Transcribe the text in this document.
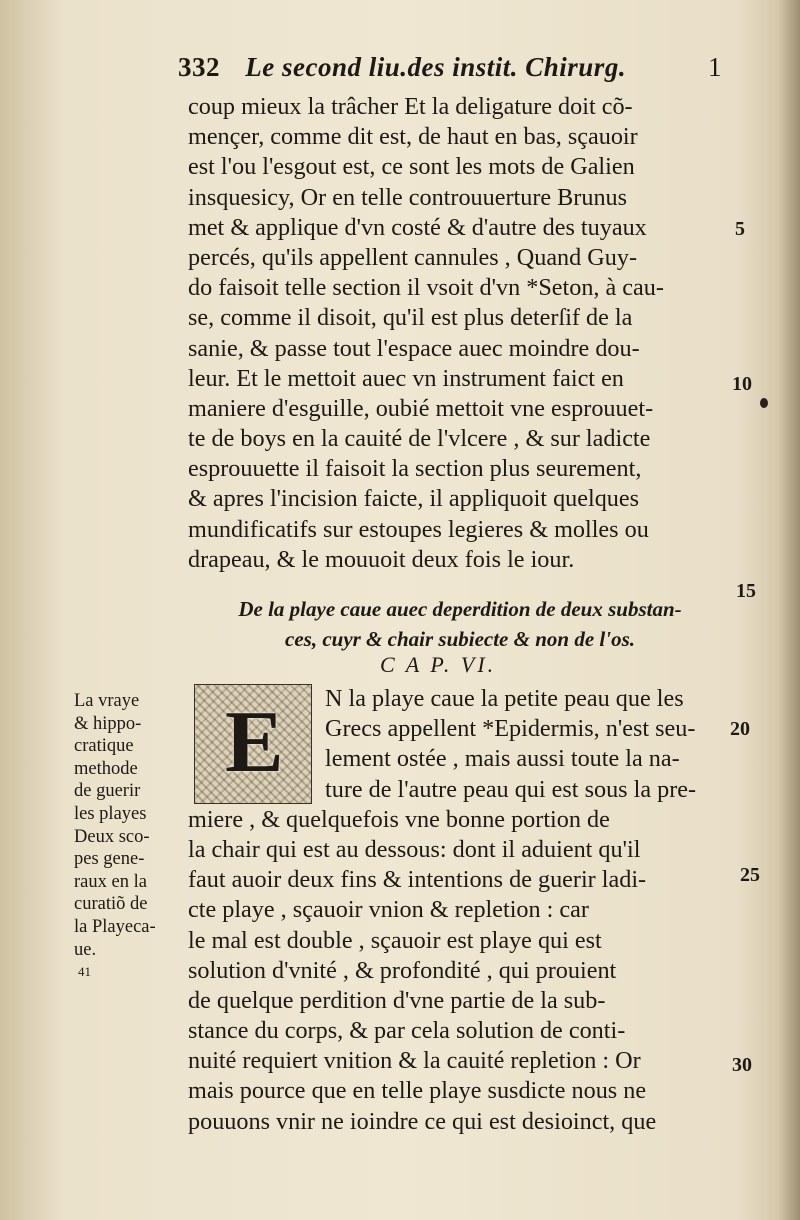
332 Le second liu.des instit. Chirurg.	1
coup mieux la trâcher Et la deligature doit cõ-
mençer, comme dit est, de haut en bas, sçauoir
est l'ou l'esgout est, ce sont les mots de Galien
insquesicy, Or en telle controuuerture Brunus
met & applique d'vn costé & d'autre des tuyaux
percés, qu'ils appellent cannules , Quand Guy-
do faisoit telle section il vsoit d'vn *Seton, à cau-
se, comme il disoit, qu'il est plus deterſif de la
sanie, & passe tout l'espace auec moindre dou-
leur. Et le mettoit auec vn instrument faict en
maniere d'esguille, oubié mettoit vne esprouuet-
te de boys en la cauité de l'vlcere , & sur ladicte
esprouuette il faisoit la section plus seurement,
& apres l'incision faicte, il appliquoit quelques
mundificatifs sur estoupes legieres & molles ou
drapeau, & le mouuoit deux fois le iour.
De la playe caue auec deperdition de deux substan-
ces, cuyr & chair subiecte & non de l'os.
C A P. VI.
E	N la playe caue la petite peau que les
Grecs appellent *Epidermis, n'est seu-
lement ostée , mais aussi toute la na-
ture de l'autre peau qui est sous la pre-
miere , & quelquefois vne bonne portion de
la chair qui est au dessous: dont il aduient qu'il
faut auoir deux fins & intentions de guerir ladi-
cte playe , sçauoir vnion & repletion : car
le mal est double , sçauoir est playe qui est
solution d'vnité , & profondité , qui prouient
de quelque perdition d'vne partie de la sub-
stance du corps, & par cela solution de conti-
nuité requiert vnition & la cauité repletion : Or
mais pource que en telle playe susdicte nous ne
pouuons vnir ne ioindre ce qui est desioinct, que
La vraye
& hippo-
cratique
methode
de guerir
les playes
Deux sco-
pes gene-
raux en la
curatiõ de
la Playeca-
ue.
41
5
10
15
20
25
30
